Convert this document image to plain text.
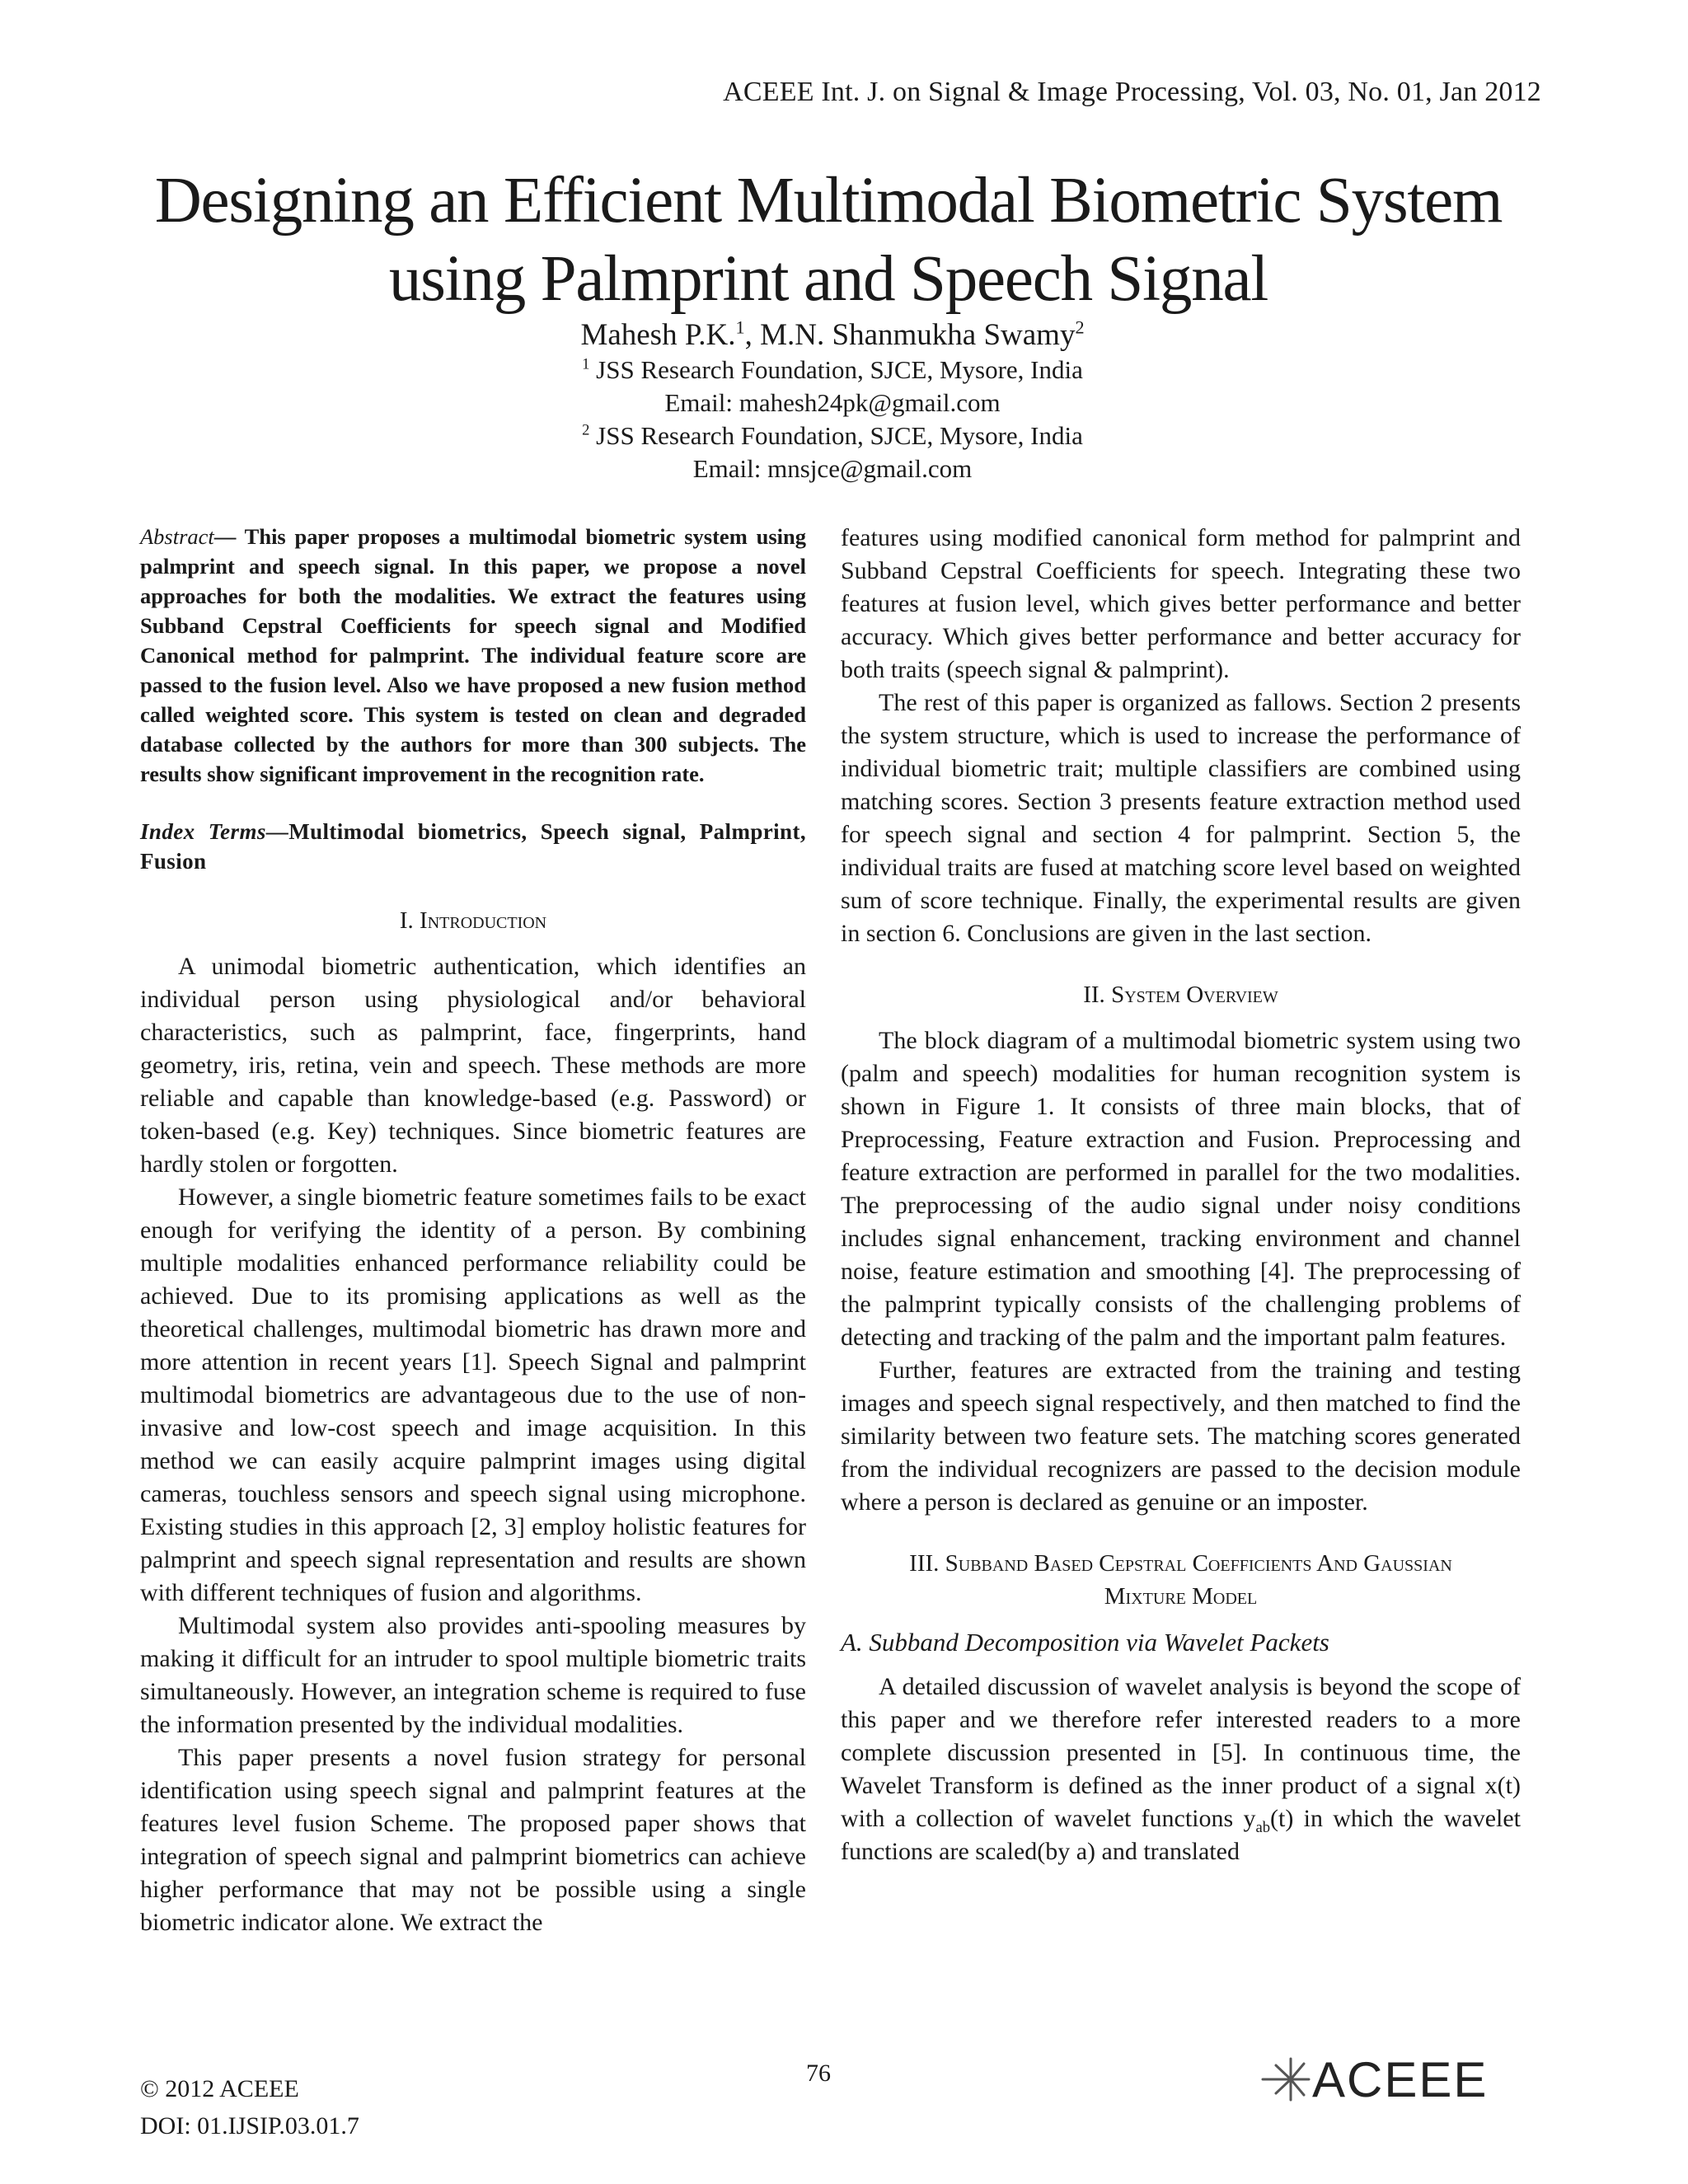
ACEEE Int. J. on Signal & Image Processing, Vol. 03, No. 01, Jan 2012
Designing an Efficient Multimodal Biometric System
using Palmprint and Speech Signal
Mahesh P.K.$^1$, M.N. Shanmukha Swamy$^2$
$^1$ JSS Research Foundation, SJCE, Mysore, India
Email: mahesh24pk@gmail.com
$^2$ JSS Research Foundation, SJCE, Mysore, India
Email: mnsjce@gmail.com

Abstract— This paper proposes a multimodal biometric system using palmprint and speech signal. In this paper, we propose a novel approaches for both the modalities. We extract the features using Subband Cepstral Coefficients for speech signal and Modified Canonical method for palmprint. The individual feature score are passed to the fusion level. Also we have proposed a new fusion method called weighted score. This system is tested on clean and degraded database collected by the authors for more than 300 subjects. The results show significant improvement in the recognition rate.

Index Terms—Multimodal biometrics, Speech signal, Palmprint, Fusion

I. Introduction

A unimodal biometric authentication, which identifies an individual person using physiological and/or behavioral characteristics, such as palmprint, face, fingerprints, hand geometry, iris, retina, vein and speech. These methods are more reliable and capable than knowledge-based (e.g. Password) or token-based (e.g. Key) techniques. Since biometric features are hardly stolen or forgotten.

However, a single biometric feature sometimes fails to be exact enough for verifying the identity of a person. By combining multiple modalities enhanced performance reliability could be achieved. Due to its promising applications as well as the theoretical challenges, multimodal biometric has drawn more and more attention in recent years [1]. Speech Signal and palmprint multimodal biometrics are advantageous due to the use of non-invasive and low-cost speech and image acquisition. In this method we can easily acquire palmprint images using digital cameras, touchless sensors and speech signal using microphone. Existing studies in this approach [2, 3] employ holistic features for palmprint and speech signal representation and results are shown with different techniques of fusion and algorithms.

Multimodal system also provides anti-spooling measures by making it difficult for an intruder to spool multiple biometric traits simultaneously. However, an integration scheme is required to fuse the information presented by the individual modalities.

This paper presents a novel fusion strategy for personal identification using speech signal and palmprint features at the features level fusion Scheme. The proposed paper shows that integration of speech signal and palmprint biometrics can achieve higher performance that may not be possible using a single biometric indicator alone. We extract the

features using modified canonical form method for palmprint and Subband Cepstral Coefficients for speech. Integrating these two features at fusion level, which gives better performance and better accuracy. Which gives better performance and better accuracy for both traits (speech signal & palmprint).

The rest of this paper is organized as fallows. Section 2 presents the system structure, which is used to increase the performance of individual biometric trait; multiple classifiers are combined using matching scores. Section 3 presents feature extraction method used for speech signal and section 4 for palmprint. Section 5, the individual traits are fused at matching score level based on weighted sum of score technique. Finally, the experimental results are given in section 6. Conclusions are given in the last section.

II. System Overview

The block diagram of a multimodal biometric system using two (palm and speech) modalities for human recognition system is shown in Figure 1. It consists of three main blocks, that of Preprocessing, Feature extraction and Fusion. Preprocessing and feature extraction are performed in parallel for the two modalities. The preprocessing of the audio signal under noisy conditions includes signal enhancement, tracking environment and channel noise, feature estimation and smoothing [4]. The preprocessing of the palmprint typically consists of the challenging problems of detecting and tracking of the palm and the important palm features.

Further, features are extracted from the training and testing images and speech signal respectively, and then matched to find the similarity between two feature sets. The matching scores generated from the individual recognizers are passed to the decision module where a person is declared as genuine or an imposter.

III. Subband Based Cepstral Coefficients And Gaussian
Mixture Model
A. Subband Decomposition via Wavelet Packets

A detailed discussion of wavelet analysis is beyond the scope of this paper and we therefore refer interested readers to a more complete discussion presented in [5]. In continuous time, the Wavelet Transform is defined as the inner product of a signal x(t) with a collection of wavelet functions $y_{ab}(t)$ in which the wavelet functions are scaled(by a) and translated

© 2012 ACEEE
DOI: 01.IJSIP.03.01.7
76	ACEEE
